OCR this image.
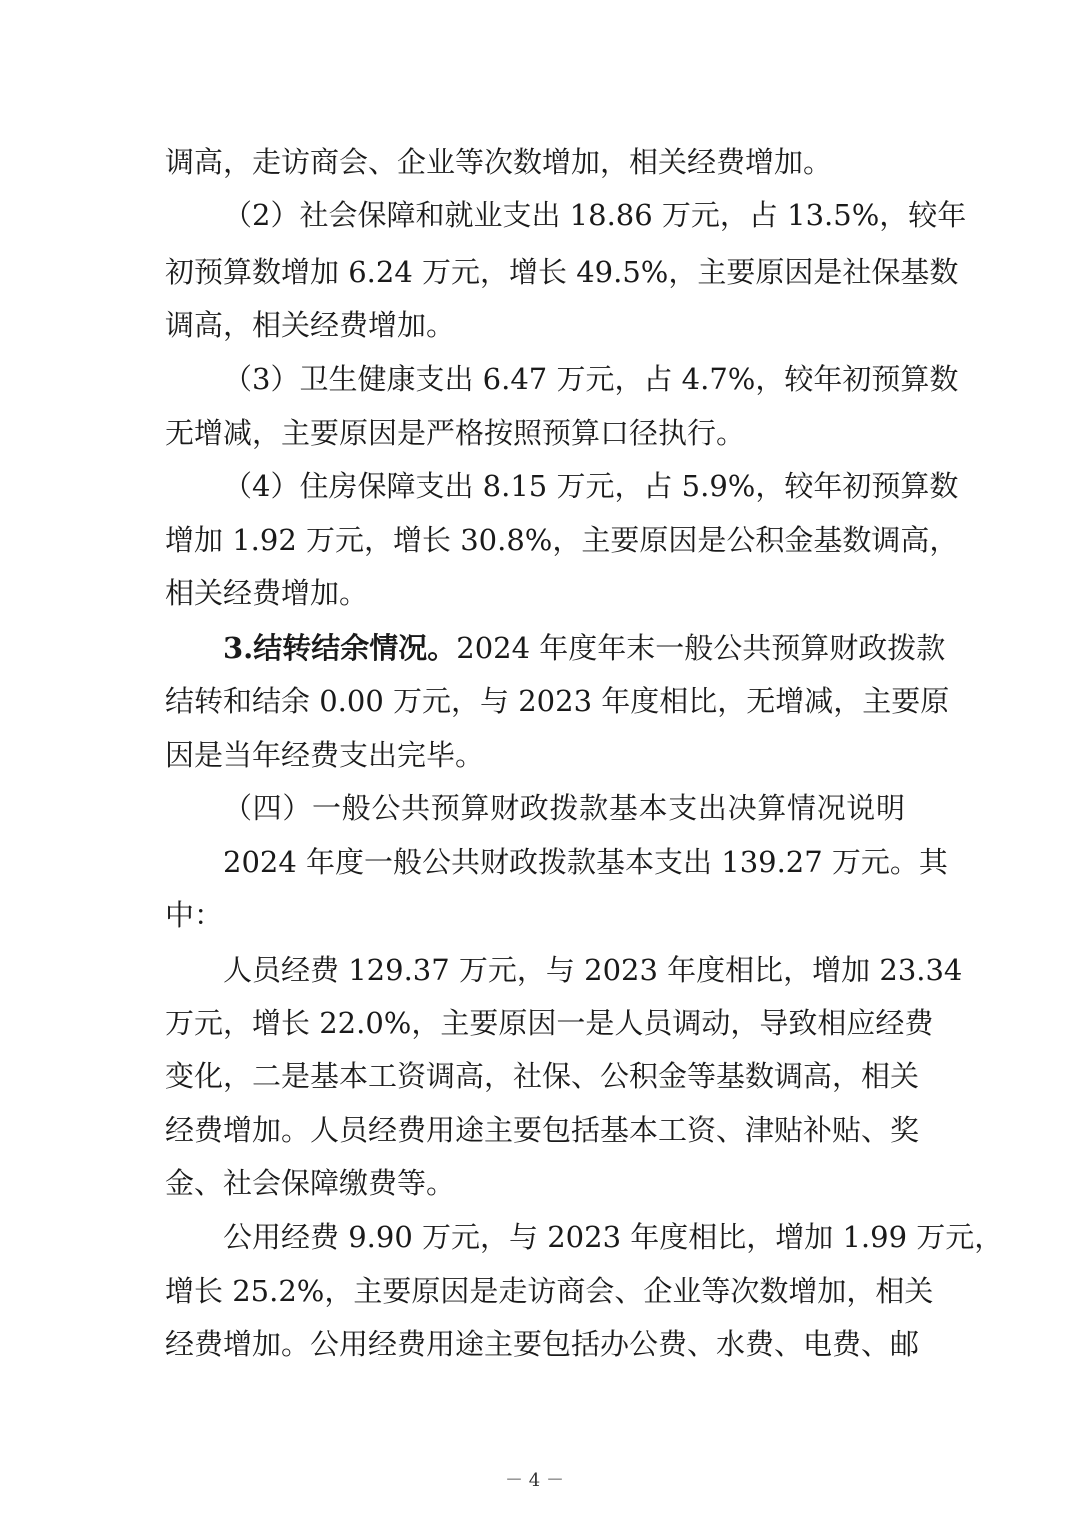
调高，走访商会、企业等次数增加，相关经费增加。
（2）社会保障和就业支出 18.86 万元，占 13.5%，较年
初预算数增加 6.24 万元，增长 49.5%，主要原因是社保基数
调高，相关经费增加。
（3）卫生健康支出 6.47 万元，占 4.7%，较年初预算数
无增减，主要原因是严格按照预算口径执行。
（4）住房保障支出 8.15 万元，占 5.9%，较年初预算数
增加 1.92 万元，增长 30.8%，主要原因是公积金基数调高，
相关经费增加。
3.结转结余情况。2024 年度年末一般公共预算财政拨款
结转和结余 0.00 万元，与 2023 年度相比，无增减，主要原
因是当年经费支出完毕。
（四）一般公共预算财政拨款基本支出决算情况说明
2024 年度一般公共财政拨款基本支出 139.27 万元。其
中：
人员经费 129.37 万元，与 2023 年度相比，增加 23.34
万元，增长 22.0%，主要原因一是人员调动，导致相应经费
变化，二是基本工资调高，社保、公积金等基数调高，相关
经费增加。人员经费用途主要包括基本工资、津贴补贴、奖
金、社会保障缴费等。
公用经费 9.90 万元，与 2023 年度相比，增加 1.99 万元，
增长 25.2%，主要原因是走访商会、企业等次数增加，相关
经费增加。公用经费用途主要包括办公费、水费、电费、邮
－ 4 －
